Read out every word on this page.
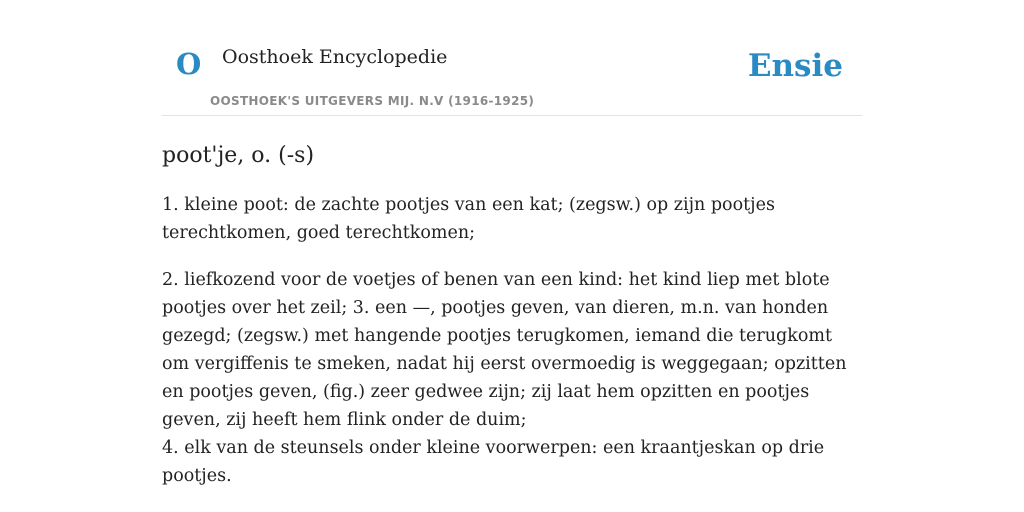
O Oosthoek Encyclopedie
OOSTHOEK'S UITGEVERS MIJ. N.V (1916-1925)
Ensie
poot'je, o. (-s)

1. kleine poot: de zachte pootjes van een kat; (zegsw.) op zijn pootjes terechtkomen, goed terechtkomen;

2. liefkozend voor de voetjes of benen van een kind: het kind liep met blote pootjes over het zeil; 3. een —, pootjes geven, van dieren, m.n. van honden gezegd; (zegsw.) met hangende pootjes terugkomen, iemand die terugkomt om vergiffenis te smeken, nadat hij eerst overmoedig is weggegaan; opzitten en pootjes geven, (fig.) zeer gedwee zijn; zij laat hem opzitten en pootjes geven, zij heeft hem flink onder de duim;

4. elk van de steunsels onder kleine voorwerpen: een kraantjeskan op drie pootjes.
